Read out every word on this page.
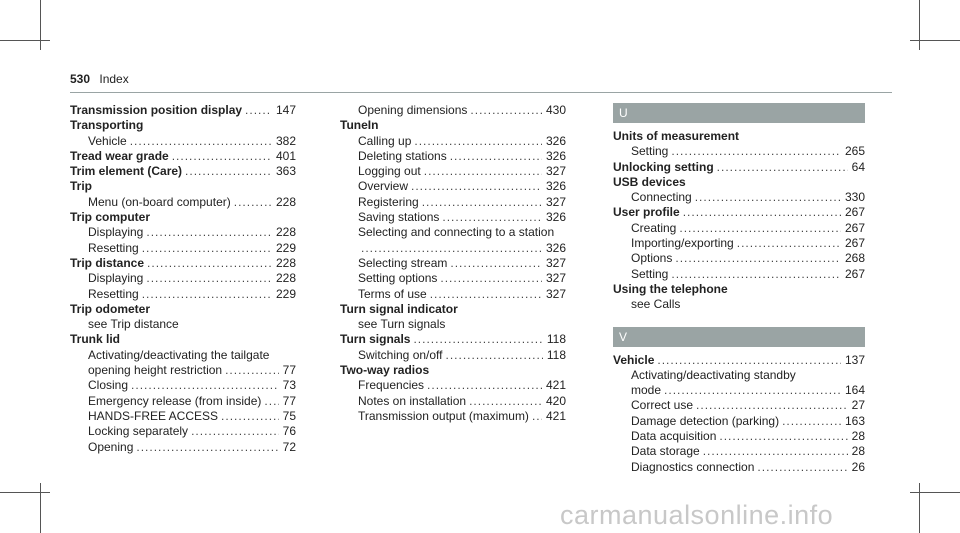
530 Index
Transmission position display .....	147
Transporting
Vehicle .....	382
Tread wear grade .....	401
Trim element (Care) .....	363
Trip
Menu (on-board computer) .....	228
Trip computer
Displaying .....	228
Resetting .....	229
Trip distance .....	228
Displaying .....	228
Resetting .....	229
Trip odometer
see Trip distance
Trunk lid
Activating/deactivating the tailgate
opening height restriction .....	77
Closing .....	73
Emergency release (from inside) ..... 77
HANDS-FREE ACCESS .....	75
Locking separately .....	76
Opening .....	72
Opening dimensions .....	430
TuneIn
Calling up .....	326
Deleting stations .....	326
Logging out .....	327
Overview .....	326
Registering .....	327
Saving stations .....	326
Selecting and connecting to a station
.....
326
Selecting stream .....	327
Setting options .....	327
Terms of use .....	327
Turn signal indicator
see Turn signals
Turn signals .....	118
Switching on/off .....	118
Two-way radios
Frequencies .....	421
Notes on installation .....	420
Transmission output (maximum) ..... 421
U
Units of measurement
Setting .....	265
Unlocking setting .....	64
USB devices
Connecting .....	330
User profile .....	267
Creating .....	267
Importing/exporting .....	267
Options .....	268
Setting .....	267
Using the telephone
see Calls
V
Vehicle .....	137
Activating/deactivating standby
mode .....	164
Correct use .....	27
Damage detection (parking) .....	163
Data acquisition .....	28
Data storage .....	28
Diagnostics connection .....	26
carmanualsonline.info
